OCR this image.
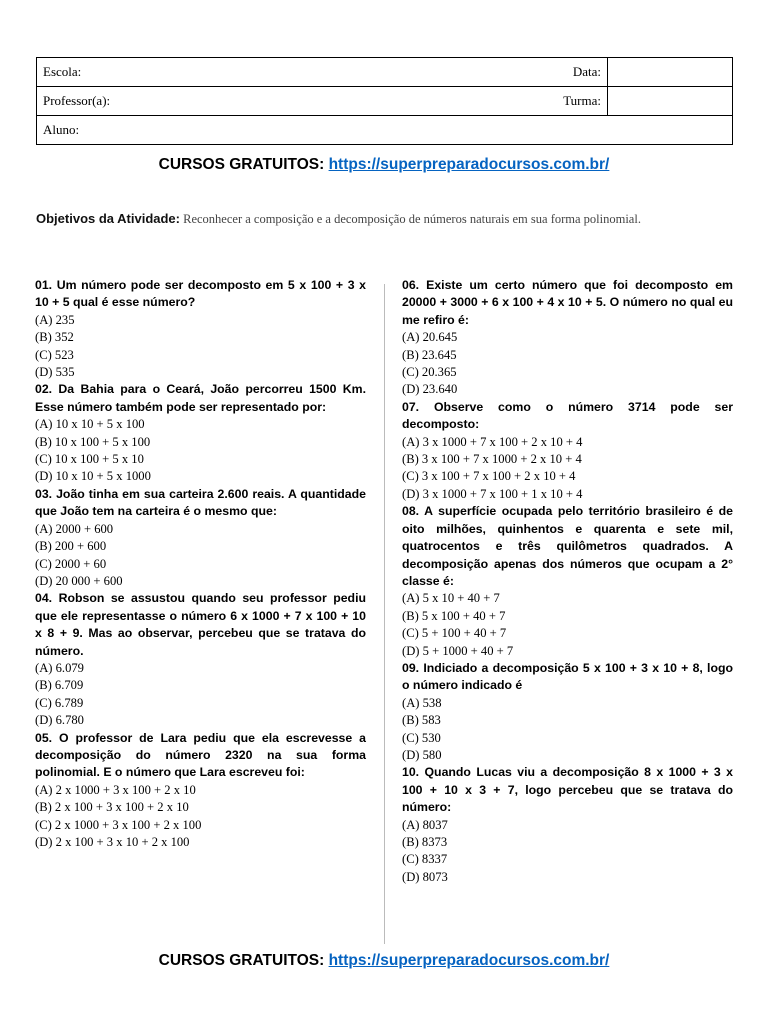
Escola:	Data:	
Professor(a):	Turma:	
Aluno:		
CURSOS GRATUITOS: https://superpreparadocursos.com.br/
Objetivos da Atividade: Reconhecer a composição e a decomposição de números naturais em sua forma polinomial.
01. Um número pode ser decomposto em 5 x 100 + 3 x 10 + 5 qual é esse número?
(A) 235
(B) 352
(C) 523
(D) 535
02. Da Bahia para o Ceará, João percorreu 1500 Km. Esse número também pode ser representado por:
(A) 10 x 10 + 5 x 100
(B) 10 x 100 + 5 x 100
(C) 10 x 100 + 5 x 10
(D) 10 x 10 + 5 x 1000
03. João tinha em sua carteira 2.600 reais. A quantidade que João tem na carteira é o mesmo que:
(A) 2000 + 600
(B) 200 + 600
(C) 2000 + 60
(D) 20 000 + 600
04. Robson se assustou quando seu professor pediu que ele representasse o número 6 x 1000 + 7 x 100 + 10 x 8 + 9. Mas ao observar, percebeu que se tratava do número.
(A) 6.079
(B) 6.709
(C) 6.789
(D) 6.780
05. O professor de Lara pediu que ela escrevesse a decomposição do número 2320 na sua forma polinomial. E o número que Lara escreveu foi:
(A) 2 x 1000 + 3 x 100 + 2 x 10
(B) 2 x 100 + 3 x 100 + 2 x 10
(C) 2 x 1000 + 3 x 100 + 2 x 100
(D) 2 x 100 + 3 x 10 + 2 x 100
06. Existe um certo número que foi decomposto em 20000 + 3000 + 6 x 100 + 4 x 10 + 5. O número no qual eu me refiro é:
(A) 20.645
(B) 23.645
(C) 20.365
(D) 23.640
07. Observe como o número 3714 pode ser decomposto:
(A) 3 x 1000 + 7 x 100 + 2 x 10 + 4
(B) 3 x 100 + 7 x 1000 + 2 x 10 + 4
(C) 3 x 100 + 7 x 100 + 2 x 10 + 4
(D) 3 x 1000 + 7 x 100 + 1 x 10 + 4
08. A superfície ocupada pelo território brasileiro é de oito milhões, quinhentos e quarenta e sete mil, quatrocentos e três quilômetros quadrados. A decomposição apenas dos números que ocupam a 2° classe é:
(A) 5 x 10 + 40 + 7
(B) 5 x 100 + 40 + 7
(C) 5 + 100 + 40 + 7
(D) 5 + 1000 + 40 + 7
09. Indiciado a decomposição 5 x 100 + 3 x 10 + 8, logo o número indicado é
(A) 538
(B) 583
(C) 530
(D) 580
10. Quando Lucas viu a decomposição 8 x 1000 + 3 x 100 + 10 x 3 + 7, logo percebeu que se tratava do número:
(A) 8037
(B) 8373
(C) 8337
(D) 8073
CURSOS GRATUITOS: https://superpreparadocursos.com.br/
